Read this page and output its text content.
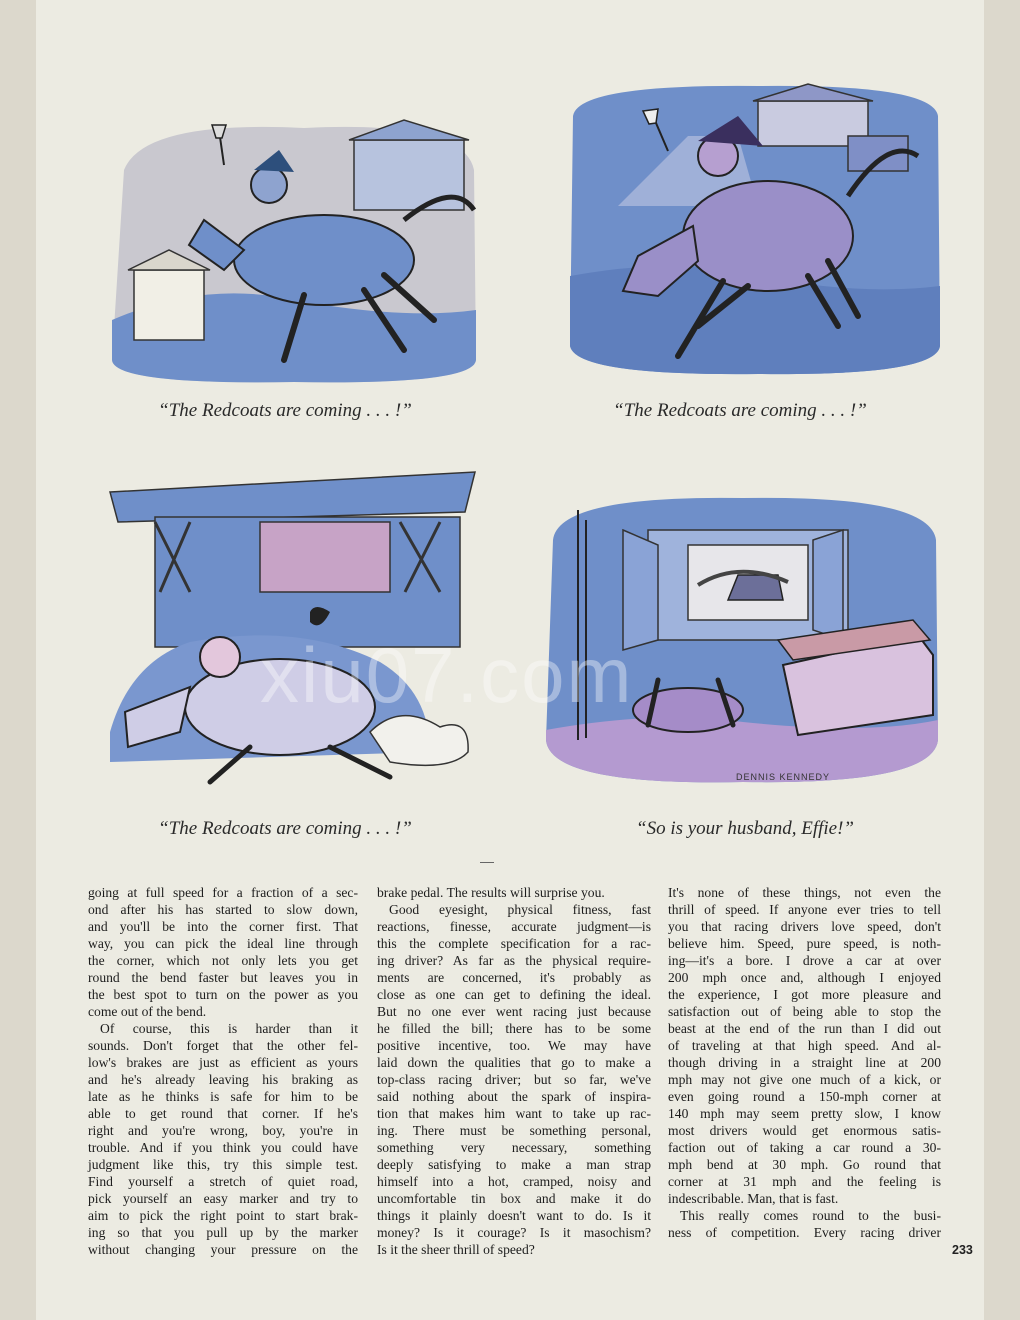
“The Redcoats are coming . . . !”	“The Redcoats are coming . . . !”
“The Redcoats are coming . . . !”
DENNIS KENNEDY
“So is your husband, Effie!”
xiu07.com

going at full speed for a fraction of a sec-

ond after his has started to slow down,

and you'll be into the corner first. That

way, you can pick the ideal line through

the corner, which not only lets you get

round the bend faster but leaves you in

the best spot to turn on the power as you

come out of the bend.

Of course, this is harder than it

sounds. Don't forget that the other fel-

low's brakes are just as efficient as yours

and he's already leaving his braking as

late as he thinks is safe for him to be

able to get round that corner. If he's

right and you're wrong, boy, you're in

trouble. And if you think you could have

judgment like this, try this simple test.

Find yourself a stretch of quiet road,

pick yourself an easy marker and try to

aim to pick the right point to start brak-

ing so that you pull up by the marker

without changing your pressure on the

brake pedal. The results will surprise you.

Good eyesight, physical fitness, fast

reactions, finesse, accurate judgment—is

this the complete specification for a rac-

ing driver? As far as the physical require-

ments are concerned, it's probably as

close as one can get to defining the ideal.

But no one ever went racing just because

he filled the bill; there has to be some

positive incentive, too. We may have

laid down the qualities that go to make a

top-class racing driver; but so far, we've

said nothing about the spark of inspira-

tion that makes him want to take up rac-

ing. There must be something personal,

something very necessary, something

deeply satisfying to make a man strap

himself into a hot, cramped, noisy and

uncomfortable tin box and make it do

things it plainly doesn't want to do. Is it

money? Is it courage? Is it masochism?

Is it the sheer thrill of speed?

It's none of these things, not even the

thrill of speed. If anyone ever tries to tell

you that racing drivers love speed, don't

believe him. Speed, pure speed, is noth-

ing—it's a bore. I drove a car at over

200 mph once and, although I enjoyed

the experience, I got more pleasure and

satisfaction out of being able to stop the

beast at the end of the run than I did out

of traveling at that high speed. And al-

though driving in a straight line at 200

mph may not give one much of a kick, or

even going round a 150-mph corner at

140 mph may seem pretty slow, I know

most drivers would get enormous satis-

faction out of taking a car round a 30-

mph bend at 30 mph. Go round that

corner at 31 mph and the feeling is

indescribable. Man, that is fast.

This really comes round to the busi-

ness of competition. Every racing driver

233
